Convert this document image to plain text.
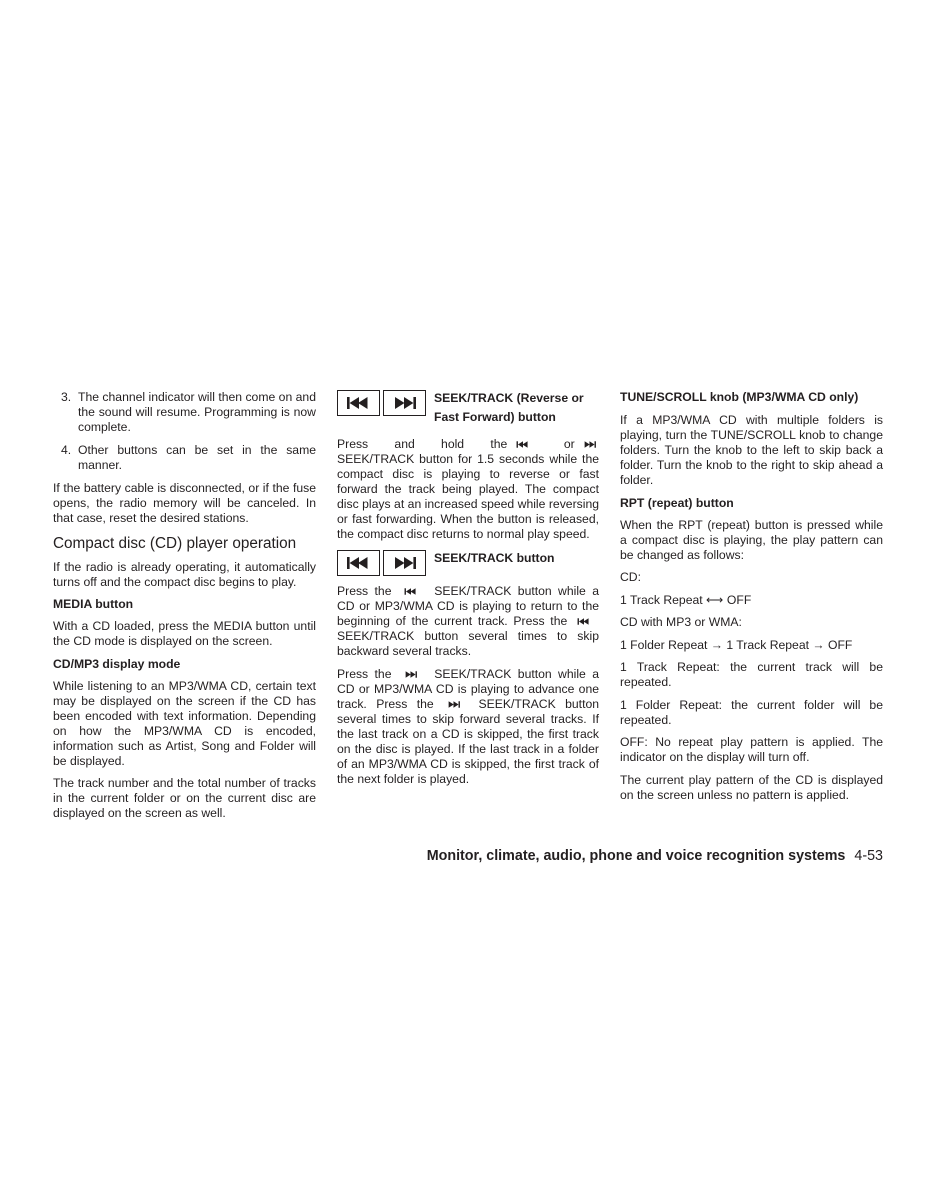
3. The channel indicator will then come on and the sound will resume. Programming is now complete.
4. Other buttons can be set in the same manner.

If the battery cable is disconnected, or if the fuse opens, the radio memory will be canceled. In that case, reset the desired stations.

Compact disc (CD) player operation

If the radio is already operating, it automatically turns off and the compact disc begins to play.

MEDIA button

With a CD loaded, press the MEDIA button until the CD mode is displayed on the screen.

CD/MP3 display mode

While listening to an MP3/WMA CD, certain text may be displayed on the screen if the CD has been encoded with text information. Depending on how the MP3/WMA CD is encoded, information such as Artist, Song and Folder will be displayed.

The track number and the total number of tracks in the current folder or on the current disc are displayed on the screen as well.

SEEK/TRACK (Reverse or Fast Forward) button

Press and hold the	or  SEEK/TRACK button for 1.5 seconds while the compact disc is playing to reverse or fast forward the track being played. The compact disc plays at an increased speed while reversing or fast forwarding. When the button is released, the compact disc returns to normal play speed.

SEEK/TRACK button

Press the	SEEK/TRACK button while a CD or MP3/WMA CD is playing to return to the beginning of the current track. Press the  SEEK/TRACK button several times to skip backward several tracks.

Press the	SEEK/TRACK button while a CD or MP3/WMA CD is playing to advance one track. Press the	SEEK/TRACK button several times to skip forward several tracks. If the last track on a CD is skipped, the first track on the disc is played. If the last track in a folder of an MP3/WMA CD is skipped, the first track of the next folder is played.

TUNE/SCROLL knob (MP3/WMA CD only)

If a MP3/WMA CD with multiple folders is playing, turn the TUNE/SCROLL knob to change folders. Turn the knob to the left to skip back a folder. Turn the knob to the right to skip ahead a folder.

RPT (repeat) button

When the RPT (repeat) button is pressed while a compact disc is playing, the play pattern can be changed as follows:

CD:

1 Track Repeat ⟷ OFF

CD with MP3 or WMA:

1 Folder Repeat → 1 Track Repeat → OFF

1 Track Repeat: the current track will be repeated.

1 Folder Repeat: the current folder will be repeated.

OFF: No repeat play pattern is applied. The indicator on the display will turn off.

The current play pattern of the CD is displayed on the screen unless no pattern is applied.

Monitor, climate, audio, phone and voice recognition systems 4-53
